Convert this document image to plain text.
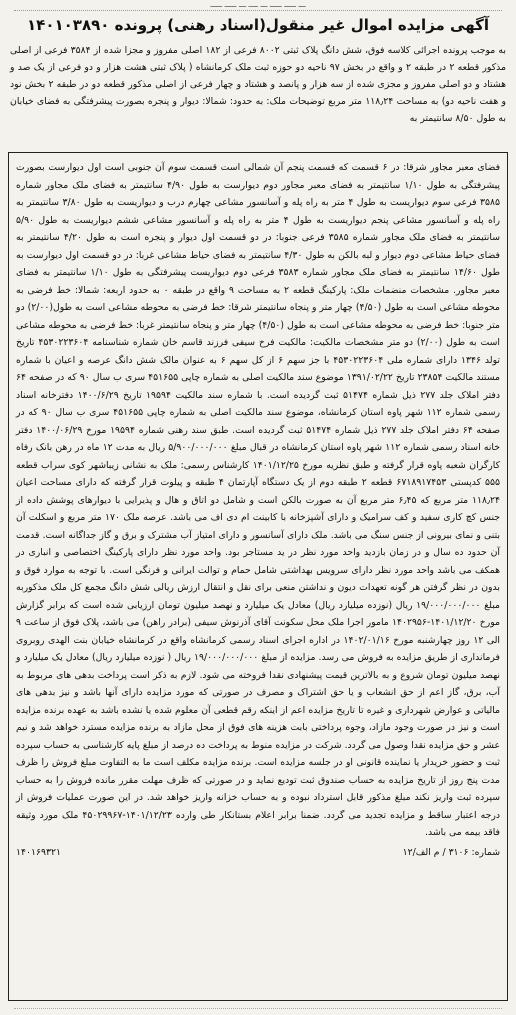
ـــ ـــــ ـــــ ـــ ــــ ـــ ـــــ ـــــ
آگهی مزایده اموال غیر منقول(اسناد رهنی) پرونده ۱۴۰۱۰۳۸۹۰
به موجب پرونده اجرائی کلاسه فوق، شش دانگ پلاک ثبتی ۸۰۰۲ فرعی از ۱۸۲ اصلی مفروز و مجزا شده از ۳۵۸۴ فرعی از اصلی مذکور قطعه ۲ در طبقه ۲ و واقع در بخش ۹۷ ناحیه دو حوزه ثبت ملک کرمانشاه ( پلاک ثبتی هشت هزار و دو فرعی از یک صد و هشتاد و دو اصلی مفروز و مجزی شده از سه هزار و پانصد و هشتاد و چهار فرعی از اصلی مذکور قطعه دو در طبقه ۲ بخش نود و هفت ناحیه دو) به مساحت ۱۱۸٫۲۴ متر مربع توضیحات ملک: به حدود: شمالا: دیوار و پنجره بصورت پیشرفتگی به فضای خیابان به طول ۸/۵۰ سانتیمتر به
فضای معبر مجاور شرقا: در ۶ قسمت که قسمت پنجم آن شمالی است قسمت سوم آن جنوبی است اول دیوارست بصورت پیشرفتگی به طول ۱/۱۰ سانتیمتر به فضای معبر مجاور دوم دیوارست به طول ۴/۹۰ سانتیمتر به فضای ملک مجاور شماره ۳۵۸۵ فرعی سوم دیواریست به طول ۴ متر به راه پله و آسانسور مشاعی چهارم درب و دیواریست به طول ۳/۸۰ سانتیمتر به راه پله و آسانسور مشاعی پنجم دیواریست به طول ۴ متر به راه پله و آسانسور مشاعی ششم دیواریست به طول ۵/۹۰ سانتیمتر به فضای ملک مجاور شماره ۳۵۸۵ فرعی جنوبا: در دو قسمت اول دیوار و پنجره است به طول ۴/۲۰ سانتیمتر به فضای حیاط مشاعی دوم دیوار و لبه بالکن به طول ۴/۳۰ سانتیمتر به فضای حیاط مشاعی غربا: در دو قسمت اول دیوارست به طول ۱۴/۶۰ سانتیمتر به فضای ملک مجاور شماره ۳۵۸۳ فرعی دوم دیواریست پیشرفتگی به طول ۱/۱۰ سانتیمتر به فضای معبر مجاور. مشخصات منضمات ملک: پارکینگ قطعه ۲ به مساحت ۹ واقع در طبقه ۰ به حدود اربعه: شمالا: خط فرضی به محوطه مشاعی است به طول (۴/۵۰) چهار متر و پنجاه سانتیمتر شرقا: خط فرضی به محوطه مشاعی است به طول(۲/۰۰) دو متر جنوبا: خط فرضی به محوطه مشاعی است به طول (۴/۵۰) چهار متر و پنجاه سانتیمتر غربا: خط فرضی به محوطه مشاعی است به طول (۲/۰۰) دو متر مشخصات مالکیت: مالکیت فرخ سیفی فرزند قاسم خان شماره شناسنامه ۴۵۳۰۲۲۳۶۰۴ تاریخ تولد ۱۳۴۶ دارای شماره ملی ۴۵۳۰۲۲۳۶۰۴ با جز سهم ۶ از کل سهم ۶ به عنوان مالک شش دانگ عرصه و اعیان با شماره مستند مالکیت ۲۳۸۵۴ تاریخ ۱۳۹۱/۰۲/۲۲ موضوع سند مالکیت اصلی به شماره چاپی ۴۵۱۶۵۵ سری ب سال ۹۰ که در صفحه ۶۴ دفتر املاک جلد ۲۷۷ ذیل شماره ۵۱۴۷۴ ثبت گردیده است. با شماره سند مالکیت ۱۹۵۹۴ تاریخ ۱۴۰۰/۶/۲۹ دفترخانه اسناد رسمی شماره ۱۱۲ شهر پاوه استان کرمانشاه، موضوع سند مالکیت اصلی به شماره چاپی ۴۵۱۶۵۵ سری ب سال ۹۰ که در صفحه ۶۴ دفتر املاک جلد ۲۷۷ ذیل شماره ۵۱۴۷۴ ثبت گردیده است. طبق سند رهنی شماره ۱۹۵۹۴ مورخ ۱۴۰۰/۰۶/۲۹ دفتر خانه اسناد رسمی شماره ۱۱۲ شهر پاوه استان کرمانشاه در قبال مبلغ ۵/۹۰۰/۰۰۰/۰۰۰ ریال به مدت ۱۲ ماه در رهن بانک رفاه کارگران شعبه پاوه قرار گرفته و طبق نظریه مورخ ۱۴۰۱/۱۲/۲۵ کارشناس رسمی: ملک به نشانی زیباشهر کوی سراب قطعه ۵۵۵ کدپستی ۶۷۱۸۹۱۷۴۵۳ قطعه ۲ طبقه دوم از یک دستگاه آپارتمان ۴ طبقه و پیلوت قرار گرفته که دارای مساحت اعیان ۱۱۸٫۲۴ متر مربع که ۶٫۴۵ متر مربع آن به صورت بالکن است و شامل دو اتاق و هال و پذیرایی با دیوارهای پوشش داده از جنس کچ کاری سفید و کف سرامیک و دارای آشپزخانه با کابینت ام دی اف می باشد. عرصه ملک ۱۷۰ متر مربع و اسکلت آن بتنی و نمای بیرونی از جنس سنگ می باشد. ملک دارای آسانسور و دارای امتیاز آب مشترک و برق و گاز جداگانه است. قدمت آن حدود ده سال و در زمان بازدید واحد مورد نظر در ید مستاجر بود. واحد مورد نظر دارای پارکینگ اختصاصی و انباری در همکف می باشد واحد مورد نظر دارای سرویس بهداشتی شامل حمام و توالت ایرانی و فرنگی است. با توجه به موارد فوق و بدون در نظر گرفتن هر گونه تعهدات دیون و نداشتن منعی برای نقل و انتقال ارزش ریالی شش دانگ مجمع کل ملک مذکوربه مبلغ ۱۹/۰۰۰/۰۰۰/۰۰۰ ریال (نوزده میلیارد ریال) معادل یک میلیارد و نهصد میلیون تومان ارزیابی شده است که برابر گزارش مورخ ۱۴۰۱/۱۲/۲۰-۱۴۰۲۹۵۶ مامور اجرا ملک محل سکونت آقای آذرنوش سیفی (برادر راهن) می باشد، پلاک فوق از ساعت ۹ الی ۱۲ روز چهارشنبه مورخ ۱۴۰۲/۰۱/۱۶ در اداره اجرای اسناد رسمی کرمانشاه واقع در کرمانشاه خیابان بنت الهدی روبروی فرمانداری از طریق مزایده به فروش می رسد. مزایده از مبلغ ۱۹/۰۰۰/۰۰۰/۰۰۰ ریال ( نوزده میلیارد ریال) معادل یک میلیارد و نهصد میلیون تومان شروع و به بالاترین قیمت پیشنهادی نقدا فروخته می شود. لازم به ذکر است پرداخت بدهی های مربوط به آب، برق، گاز اعم از حق انشعاب و یا حق اشتراک و مصرف در صورتی که مورد مزایده دارای آنها باشد و نیز بدهی های مالیاتی و عوارض شهرداری و غیره تا تاریخ مزایده اعم از اینکه رقم قطعی آن معلوم شده یا نشده باشد به عهده برنده مزایده است و نیز در صورت وجود مازاد، وجوه پرداختی بابت هزینه های فوق از محل مازاد به برنده مزایده مسترد خواهد شد و نیم عشر و حق مزایده نقدا وصول می گردد. شرکت در مزایده منوط به پرداخت ده درصد از مبلغ پایه کارشناسی به حساب سپرده ثبت و حضور خریدار یا نماینده قانونی او در جلسه مزایده است. برنده مزایده مکلف است ما به التفاوت مبلغ فروش را ظرف مدت پنج روز از تاریخ مزایده به حساب صندوق ثبت تودیع نماید و در صورتی که ظرف مهلت مقرر مانده فروش را به حساب سپرده ثبت واریز نکند مبلغ مذکور قابل استرداد نبوده و به حساب خزانه واریز خواهد شد. در این صورت عملیات فروش از درجه اعتبار ساقط و مزایده تجدید می گردد. ضمنا برابر اعلام بستانکار طی وارده ۱۴۰۱/۱۲/۲۳-۴۵۰۲۹۹۶۷ ملک مورد وثیقه فاقد بیمه می باشد.
شماره: ۳۱۰۶ / م الف/۱۲
۱۴۰۱۶۹۳۲۱
